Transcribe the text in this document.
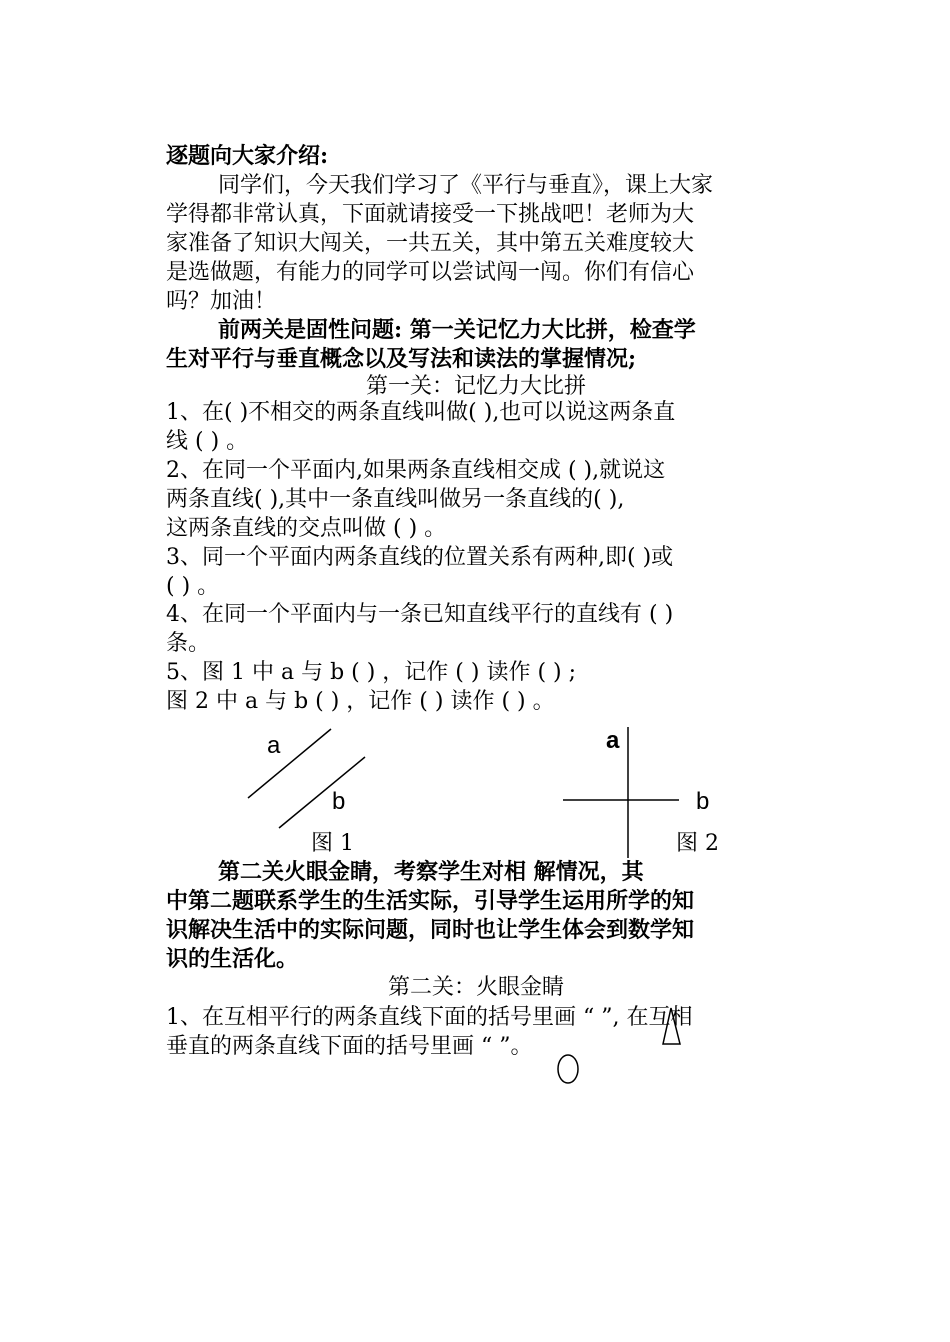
逐题向大家介绍:
同学们，今天我们学习了《平行与垂直》，课上大家
学得都非常认真，下面就请接受一下挑战吧！老师为大
家准备了知识大闯关，一共五关，其中第五关难度较大
是选做题，有能力的同学可以尝试闯一闯。你们有信心
吗？加油！
前两关是固性问题: 第一关记忆力大比拼，检查学
生对平行与垂直概念以及写法和读法的掌握情况;
第一关：记忆力大比拼
1、在( )不相交的两条直线叫做( ),也可以说这两条直
线 ( ) 。
2、在同一个平面内,如果两条直线相交成 ( ),就说这
两条直线( ),其中一条直线叫做另一条直线的( ),
这两条直线的交点叫做 ( ) 。
3、同一个平面内两条直线的位置关系有两种,即( )或
( ) 。
4、在同一个平面内与一条已知直线平行的直线有 ( )
条。
5、图 1 中 a 与 b ( ) ，记作 ( ) 读作 ( ) ;
图 2 中 a 与 b ( ) ，记作 ( ) 读作 ( ) 。
a
b
图 1
a
b
图 2
第二关火眼金睛，考察学生对相 解情况，其
中第二题联系学生的生活实际，引导学生运用所学的知
识解决生活中的实际问题，同时也让学生体会到数学知
识的生活化。
第二关：火眼金睛
1、在互相平行的两条直线下面的括号里画 “ ”, 在互相
垂直的两条直线下面的括号里画 “ ”。
